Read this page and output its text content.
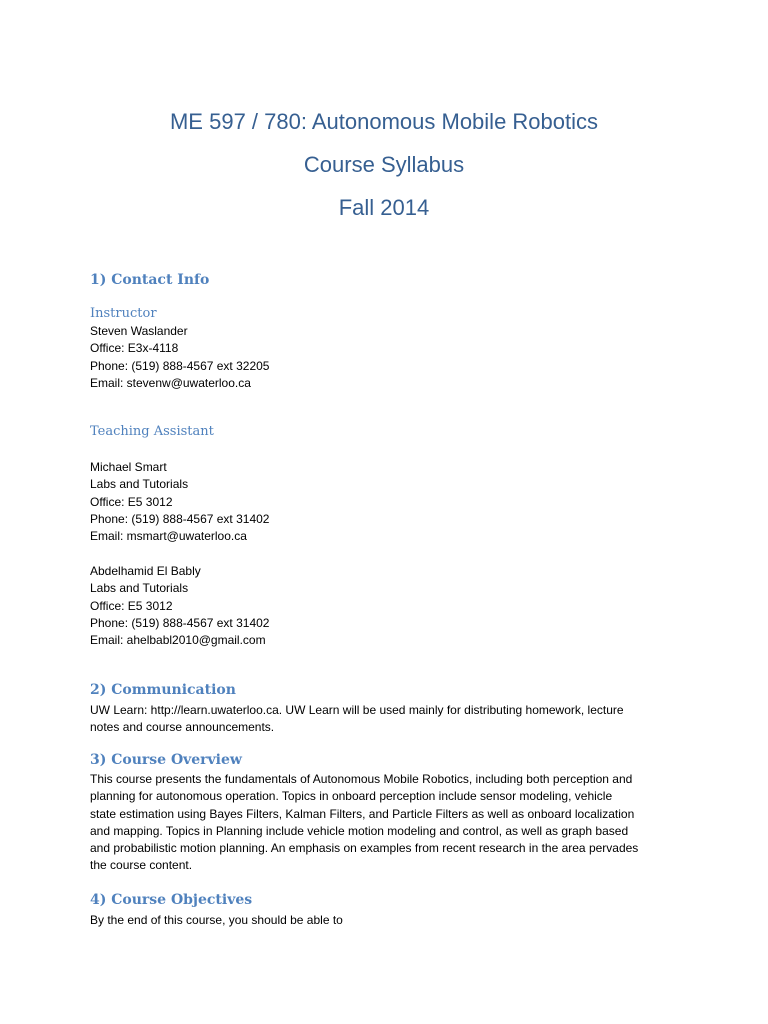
ME 597 / 780: Autonomous Mobile Robotics
Course Syllabus
Fall 2014
1) Contact Info
Instructor
Steven Waslander
Office: E3x-4118
Phone: (519) 888-4567 ext 32205
Email: stevenw@uwaterloo.ca
Teaching Assistant
Michael Smart
Labs and Tutorials
Office: E5 3012
Phone: (519) 888-4567 ext 31402
Email: msmart@uwaterloo.ca
Abdelhamid El Bably
Labs and Tutorials
Office: E5 3012
Phone: (519) 888-4567 ext 31402
Email: ahelbabl2010@gmail.com
2) Communication
UW Learn: http://learn.uwaterloo.ca. UW Learn will be used mainly for distributing homework, lecture
notes and course announcements.
3) Course Overview
This course presents the fundamentals of Autonomous Mobile Robotics, including both perception and
planning for autonomous operation. Topics in onboard perception include sensor modeling, vehicle
state estimation using Bayes Filters, Kalman Filters, and Particle Filters as well as onboard localization
and mapping. Topics in Planning include vehicle motion modeling and control, as well as graph based
and probabilistic motion planning. An emphasis on examples from recent research in the area pervades
the course content.
4) Course Objectives
By the end of this course, you should be able to
